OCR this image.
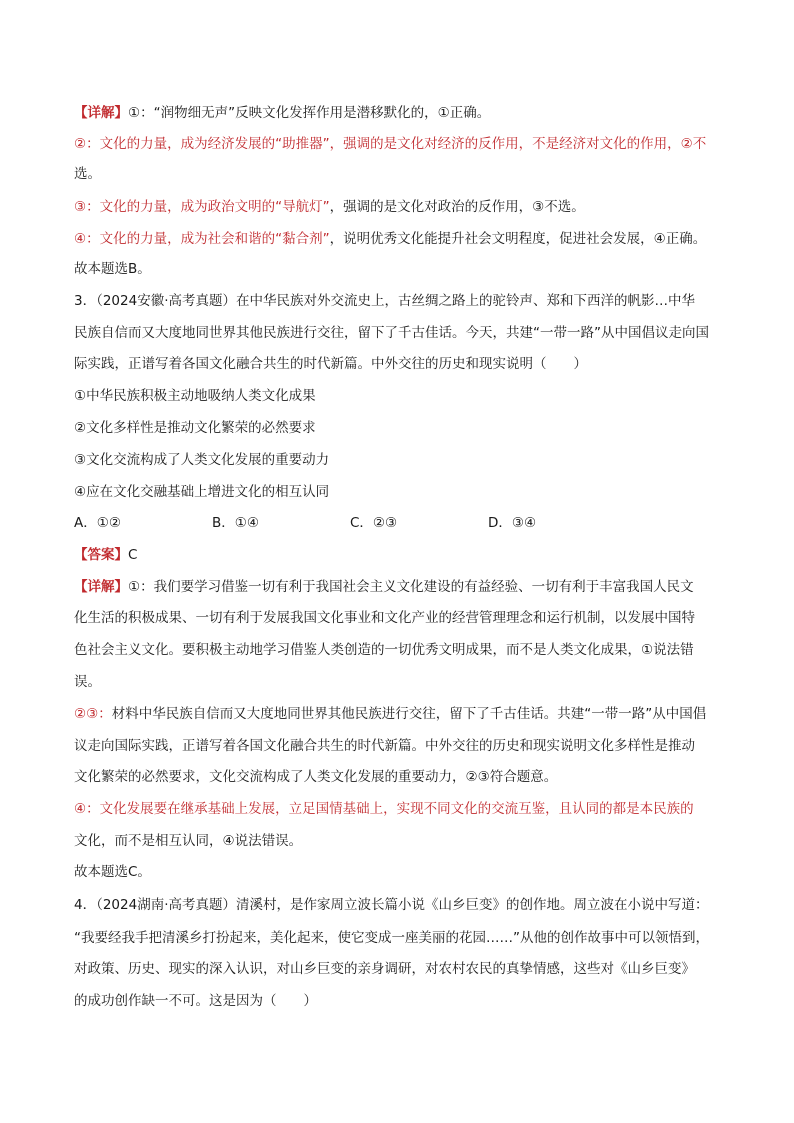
【详解】①：“润物细无声”反映文化发挥作用是潜移默化的，①正确。
②：文化的力量，成为经济发展的“助推器”，强调的是文化对经济的反作用，不是经济对文化的作用，②不
选。
③：文化的力量，成为政治文明的“导航灯”，强调的是文化对政治的反作用，③不选。
④：文化的力量，成为社会和谐的“黏合剂”，说明优秀文化能提升社会文明程度，促进社会发展，④正确。
故本题选B。
3．（2024安徽·高考真题）在中华民族对外交流史上，古丝绸之路上的驼铃声、郑和下西洋的帆影…中华
民族自信而又大度地同世界其他民族进行交往，留下了千古佳话。今天，共建“一带一路”从中国倡议走向国
际实践，正谱写着各国文化融合共生的时代新篇。中外交往的历史和现实说明（　　）
①中华民族积极主动地吸纳人类文化成果
②文化多样性是推动文化繁荣的必然要求
③文化交流构成了人类文化发展的重要动力
④应在文化交融基础上增进文化的相互认同
A．①②	B．①④	C．②③	D．③④
【答案】C
【详解】①：我们要学习借鉴一切有利于我国社会主义文化建设的有益经验、一切有利于丰富我国人民文
化生活的积极成果、一切有利于发展我国文化事业和文化产业的经营管理理念和运行机制，以发展中国特
色社会主义文化。要积极主动地学习借鉴人类创造的一切优秀文明成果，而不是人类文化成果，①说法错
误。
②③：材料中华民族自信而又大度地同世界其他民族进行交往，留下了千古佳话。共建“一带一路”从中国倡
议走向国际实践，正谱写着各国文化融合共生的时代新篇。中外交往的历史和现实说明文化多样性是推动
文化繁荣的必然要求，文化交流构成了人类文化发展的重要动力，②③符合题意。
④：文化发展要在继承基础上发展，立足国情基础上，实现不同文化的交流互鉴，且认同的都是本民族的
文化，而不是相互认同，④说法错误。
故本题选C。
4．（2024湖南·高考真题）清溪村，是作家周立波长篇小说《山乡巨变》的创作地。周立波在小说中写道：
“我要经我手把清溪乡打扮起来，美化起来，使它变成一座美丽的花园……”从他的创作故事中可以领悟到，
对政策、历史、现实的深入认识，对山乡巨变的亲身调研，对农村农民的真挚情感，这些对《山乡巨变》
的成功创作缺一不可。这是因为（　　）
